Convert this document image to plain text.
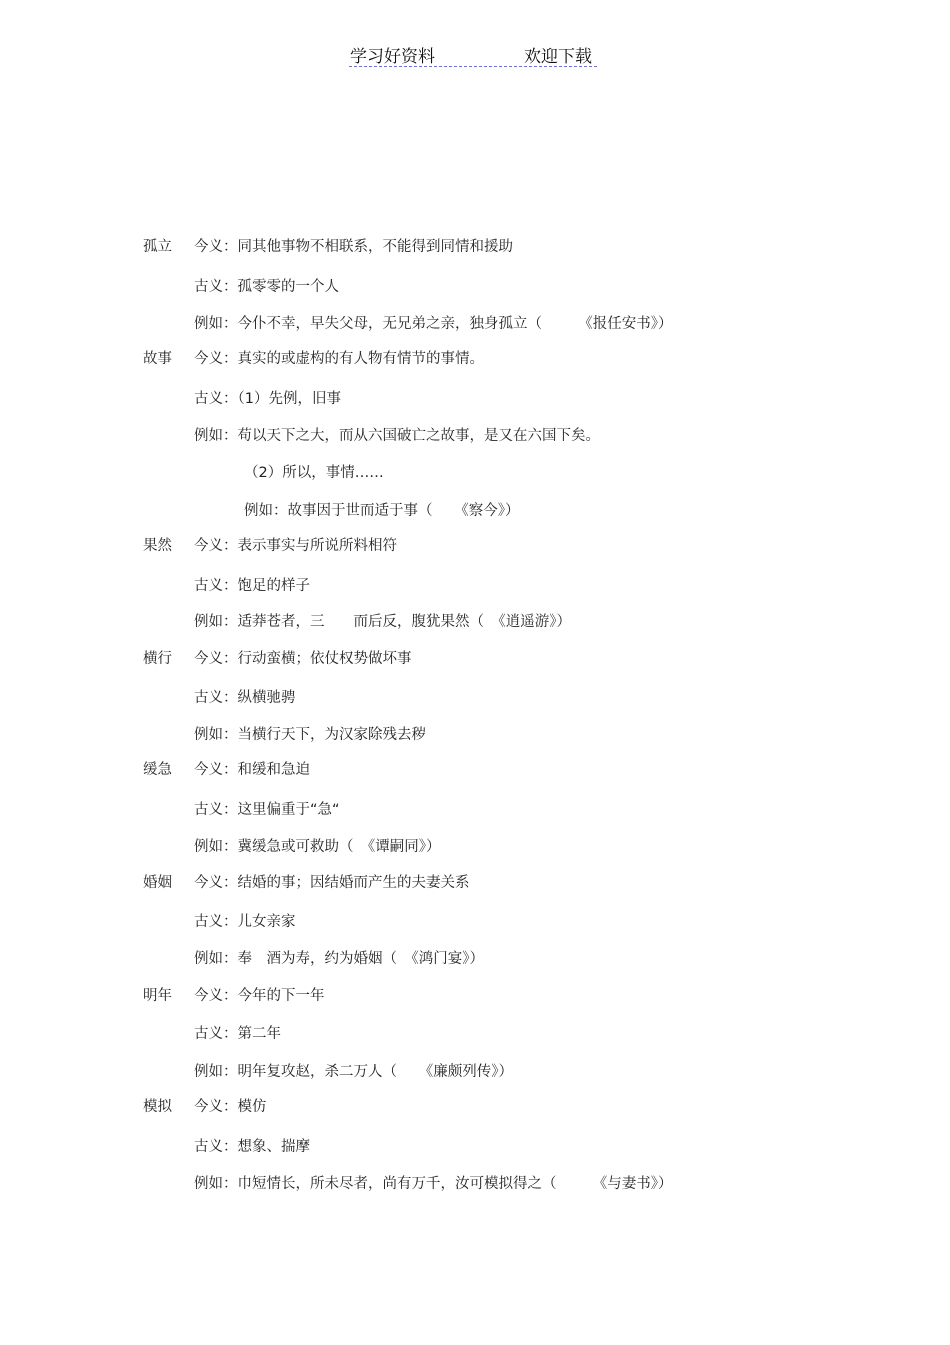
学习好资料	欢迎下载
孤立 今义：同其他事物不相联系，不能得到同情和援助
古义：孤零零的一个人
例如：今仆不幸，早失父母，无兄弟之亲，独身孤立（　　　《报任安书》）
故事 今义：真实的或虚构的有人物有情节的事情。
古义：（1）先例，旧事
例如：苟以天下之大，而从六国破亡之故事，是又在六国下矣。
（2）所以，事情……
例如：故事因于世而适于事（　　《察今》）
果然 今义：表示事实与所说所料相符
古义：饱足的样子
例如：适莽苍者，三　　而后反，腹犹果然（　《逍遥游》）
横行 今义：行动蛮横；依仗权势做坏事
古义：纵横驰骋
例如：当横行天下，为汉家除残去秽
缓急 今义：和缓和急迫
古义：这里偏重于“急“
例如：冀缓急或可救助（　《谭嗣同》）
婚姻 今义：结婚的事；因结婚而产生的夫妻关系
古义：儿女亲家
例如：奉　酒为寿，约为婚姻（　《鸿门宴》）
明年 今义：今年的下一年
古义：第二年
例如：明年复攻赵，杀二万人（　　《廉颇列传》）
模拟 今义：模仿
古义：想象、揣摩
例如：巾短情长，所未尽者，尚有万千，汝可模拟得之（　　　《与妻书》）
